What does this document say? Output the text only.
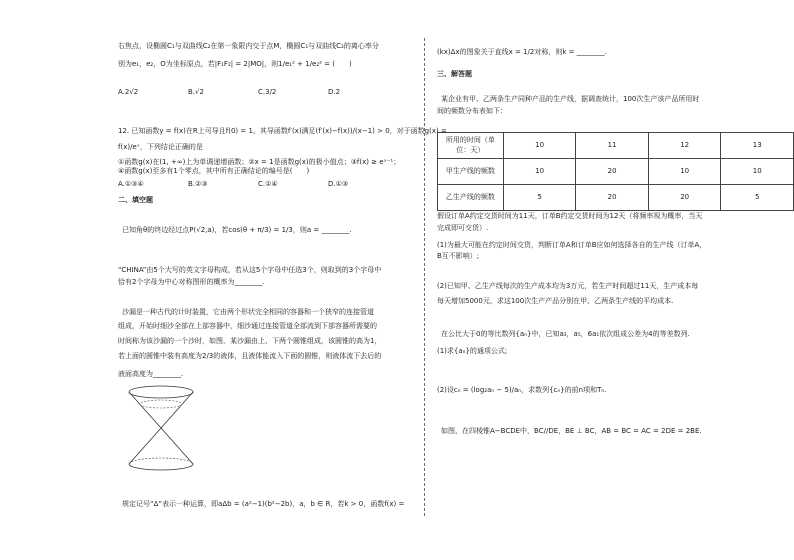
右焦点，设椭圆C₁与双曲线C₂在第一象限内交于点M，椭圆C₁与双曲线C₂的离心率分
别为e₁，e₂，O为坐标原点，若|F₁F₂| = 2|MO|，则1/e₁² + 1/e₂² = (　　)
A.2√2	B.√2	C.3/2	D.2
12. 已知函数y = f(x)在R上可导且f(0) = 1，其导函数f′(x)满足(f′(x)−f(x))/(x−1) > 0，对于函数g(x) =
f(x)/eˣ，下列结论正确的是
①函数g(x)在(1, +∞)上为单调递增函数；②x = 1是函数g(x)的极小值点；③f(x) ≥ eˣ⁻¹；
④函数g(x)至多有1个零点，其中所有正确结论的编号是(　　)
A.①③④	B.②③	C.①④	D.①③
二、填空题
已知角θ的终边经过点P(√2,a)，若cos(θ + π/3) = 1/3，则a = ________.
“CHINA”由5个大写的英文字母构成，若从这5个字母中任选3个，则取到的3个字母中
恰有2个字母为中心对称图形的概率为________.
沙漏是一种古代的计时装置，它由两个形状完全相同的容器和一个狭窄的连接管道
组成，开始时细沙全部在上部容器中，细沙通过连接管道全部流到下部容器所需要的
时间称为该沙漏的一个沙时，如图，某沙漏由上、下两个圆锥组成，该圆锥的高为1，
若上面的圆锥中装有高度为2/3的液体，且液体能流入下面的圆锥，则液体流下去后的
液面高度为________.
规定记号“Δ”表示一种运算，即aΔb = (a²−1)(b²−2b)，a，b ∈ R，若k > 0，函数f(x) =
(kx)Δx的图象关于直线x = 1/2对称，则k = ________.
三、解答题
某企业有甲、乙两条生产同种产品的生产线，据调查统计，100次生产该产品所用时
间的频数分布表如下：
所用的时间（单位：天）	10	11	12	13
甲生产线的频数	10	20	10	10
乙生产线的频数	5	20	20	5
假设订单A约定交货时间为11天，订单B约定交货时间为12天（将频率视为概率，当天
完成即可交货）.
(1)为最大可能在约定时间交货，判断订单A和订单B应如何选择各自的生产线（订单A，
B互不影响）;
(2)已知甲、乙生产线每次的生产成本均为3万元，若生产时间超过11天，生产成本每
每天增加5000元，求这100次生产产品分别在甲、乙两条生产线的平均成本.
在公比大于0的等比数列{aₙ}中，已知a₃，a₅，6a₁依次组成公差为4的等差数列.
(1)求{aₙ}的通项公式;
(2)设cₙ = (log₂aₙ − 5)/aₙ，求数列{cₙ}的前n项和Tₙ.
如图，在四棱锥A−BCDE中，BC//DE，BE ⊥ BC，AB = BC = AC = 2DE = 2BE.
